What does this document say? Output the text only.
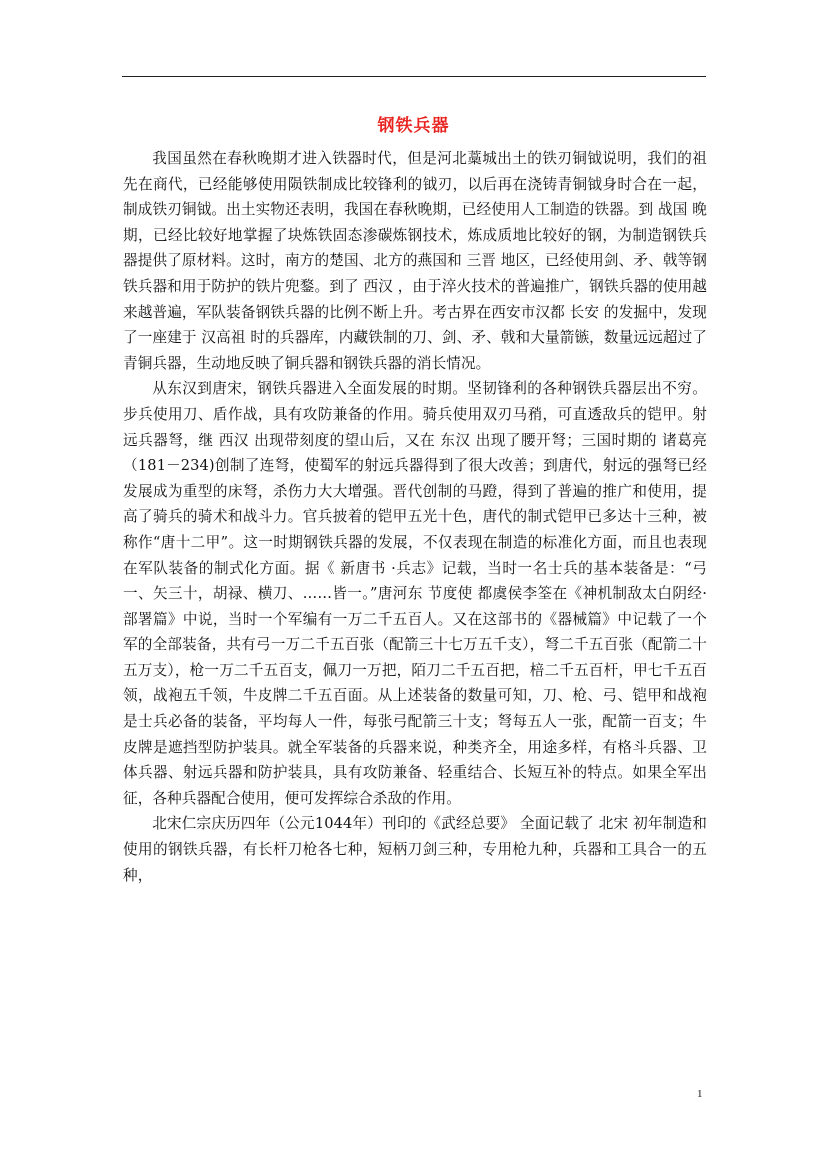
钢铁兵器

我国虽然在春秋晚期才进入铁器时代，但是河北藁城出土的铁刃铜钺说明，我们的祖先在商代，已经能够使用陨铁制成比较锋利的钺刃，以后再在浇铸青铜钺身时合在一起，制成铁刃铜钺。出土实物还表明，我国在春秋晚期，已经使用人工制造的铁器。到 战国 晚期，已经比较好地掌握了块炼铁固态渗碳炼钢技术，炼成质地比较好的钢，为制造钢铁兵器提供了原材料。这时，南方的楚国、北方的燕国和 三晋 地区，已经使用剑、矛、戟等钢铁兵器和用于防护的铁片兜鍪。到了 西汉 ，由于淬火技术的普遍推广，钢铁兵器的使用越来越普遍，军队装备钢铁兵器的比例不断上升。考古界在西安市汉都 长安 的发掘中，发现了一座建于 汉高祖 时的兵器库，内藏铁制的刀、剑、矛、戟和大量箭镞，数量远远超过了青铜兵器，生动地反映了铜兵器和钢铁兵器的消长情况。

从东汉到唐宋，钢铁兵器进入全面发展的时期。坚韧锋利的各种钢铁兵器层出不穷。步兵使用刀、盾作战，具有攻防兼备的作用。骑兵使用双刃马矟，可直透敌兵的铠甲。射远兵器弩，继 西汉 出现带刻度的望山后，又在 东汉 出现了腰开弩；三国时期的 诸葛亮（181－234)创制了连弩，使蜀军的射远兵器得到了很大改善；到唐代，射远的强弩已经发展成为重型的床弩，杀伤力大大增强。晋代创制的马蹬，得到了普遍的推广和使用，提高了骑兵的骑术和战斗力。官兵披着的铠甲五光十色，唐代的制式铠甲已多达十三种，被称作“唐十二甲”。这一时期钢铁兵器的发展，不仅表现在制造的标准化方面，而且也表现在军队装备的制式化方面。据《 新唐书 ·兵志》记载，当时一名士兵的基本装备是：“弓一、矢三十，胡禄、横刀、……皆一。”唐河东 节度使 都虞侯李筌在《神机制敌太白阴经·部署篇》中说，当时一个军编有一万二千五百人。又在这部书的《器械篇》中记载了一个军的全部装备，共有弓一万二千五百张（配箭三十七万五千支），弩二千五百张（配箭二十五万支），枪一万二千五百支，佩刀一万把，陌刀二千五百把，棓二千五百杆，甲七千五百领，战袍五千领，牛皮牌二千五百面。从上述装备的数量可知，刀、枪、弓、铠甲和战袍是士兵必备的装备，平均每人一件，每张弓配箭三十支；弩每五人一张，配箭一百支；牛皮牌是遮挡型防护装具。就全军装备的兵器来说，种类齐全，用途多样，有格斗兵器、卫体兵器、射远兵器和防护装具，具有攻防兼备、轻重结合、长短互补的特点。如果全军出征，各种兵器配合使用，便可发挥综合杀敌的作用。

北宋仁宗庆历四年（公元1044年）刊印的《武经总要》 全面记载了 北宋 初年制造和使用的钢铁兵器，有长杆刀枪各七种，短柄刀剑三种，专用枪九种，兵器和工具合一的五种，

1
